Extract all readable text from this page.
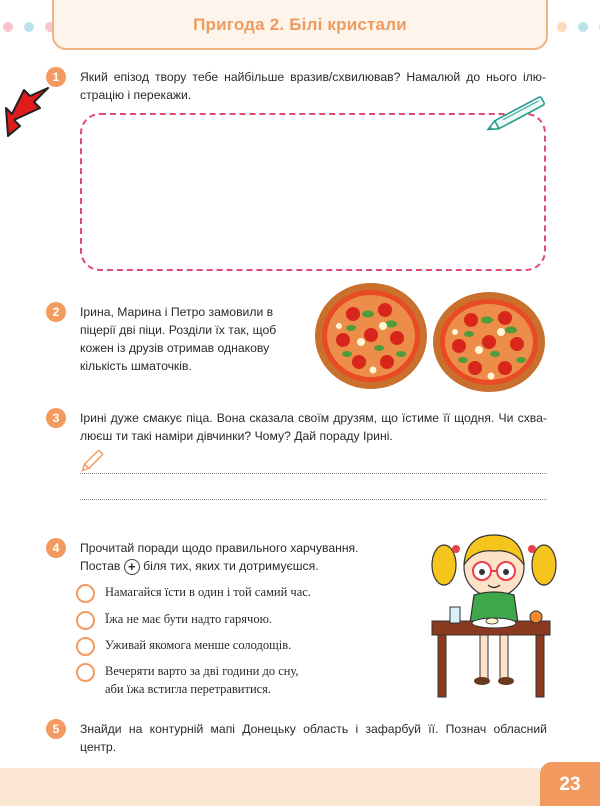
Пригода 2. Білі кристали
1	Який епізод твору тебе найбільше вразив/схвилював? Намалюй до нього ілю-страцію і перекажи.
2	Ірина, Марина і Петро замовили в піцерії дві піци. Розділи їх так, щоб кожен із друзів отримав однакову кількість шматочків.
3	Ірині дуже смакує піца. Вона сказала своїм друзям, що їстиме її щодня. Чи схва-люєш ти такі наміри дівчинки? Чому? Дай пораду Ірині.
4	Прочитай поради щодо правильного харчування.
Постав + біля тих, яких ти дотримуєшся.
Намагайся їсти в один і той самий час.
Їжа не має бути надто гарячою.
Уживай якомога менше солодощів.
Вечеряти варто за дві години до сну,
аби їжа встигла перетравитися.
5	Знайди на контурній мапі Донецьку область і зафарбуй її. Познач обласний центр.
23
